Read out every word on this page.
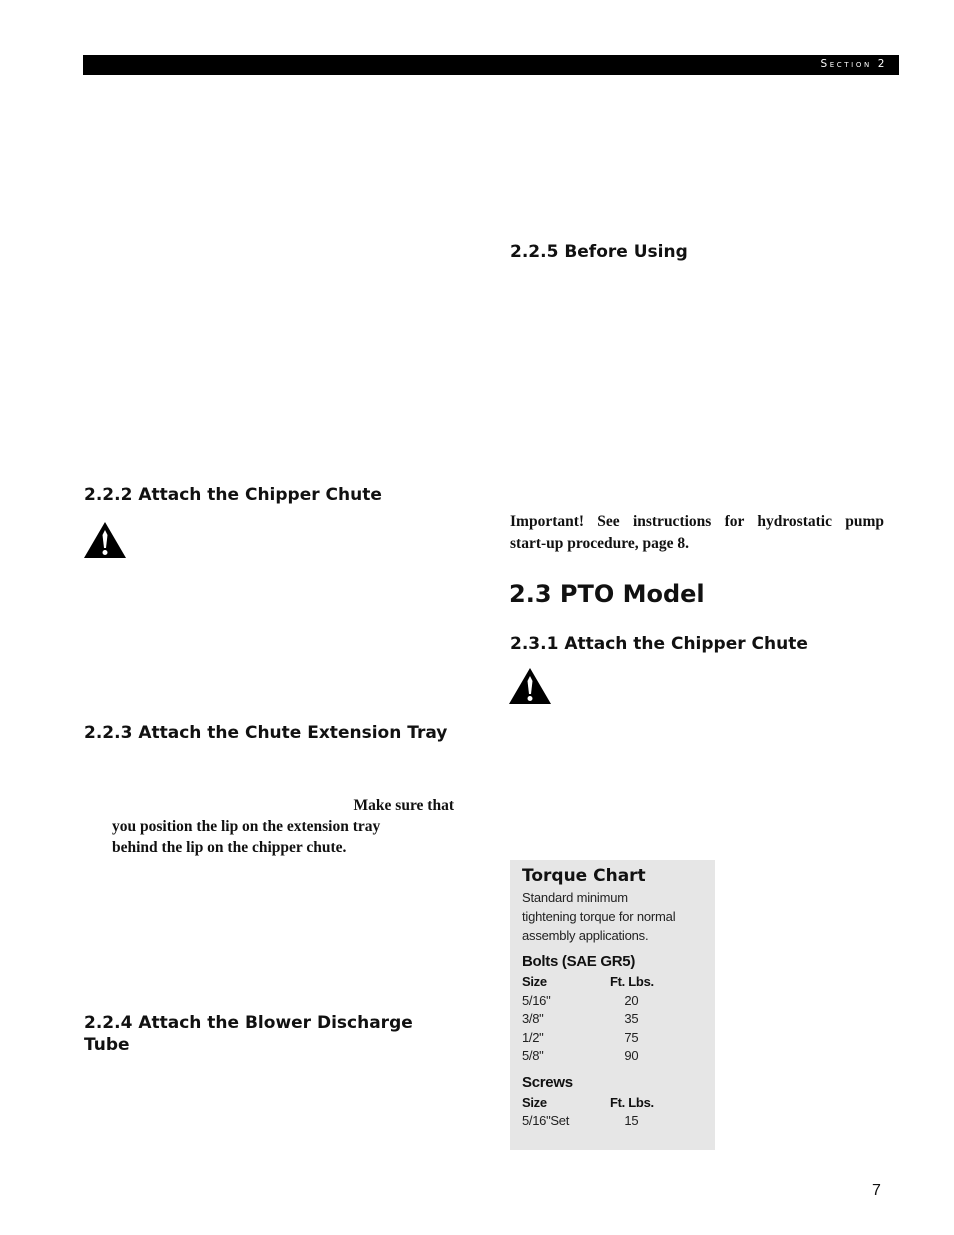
Section 2
2.2.2 Attach the Chipper Chute
2.2.3 Attach the Chute Extension Tray

Make sure that

you position the lip on the extension tray

behind the lip on the chipper chute.

2.2.4 Attach the Blower Discharge
Tube
2.2.5 Before Using

Important! See instructions for hydrostatic pump

start-up procedure, page 8.

2.3 PTO Model
2.3.1 Attach the Chipper Chute

Torque Chart

Standard minimum
tightening torque for normal
assembly applications.

Bolts (SAE GR5)

Size	Ft. Lbs.
5/16"	20
3/8"	35
1/2"	75
5/8"	90

Screws

Size	Ft. Lbs.
5/16"Set	15
7
